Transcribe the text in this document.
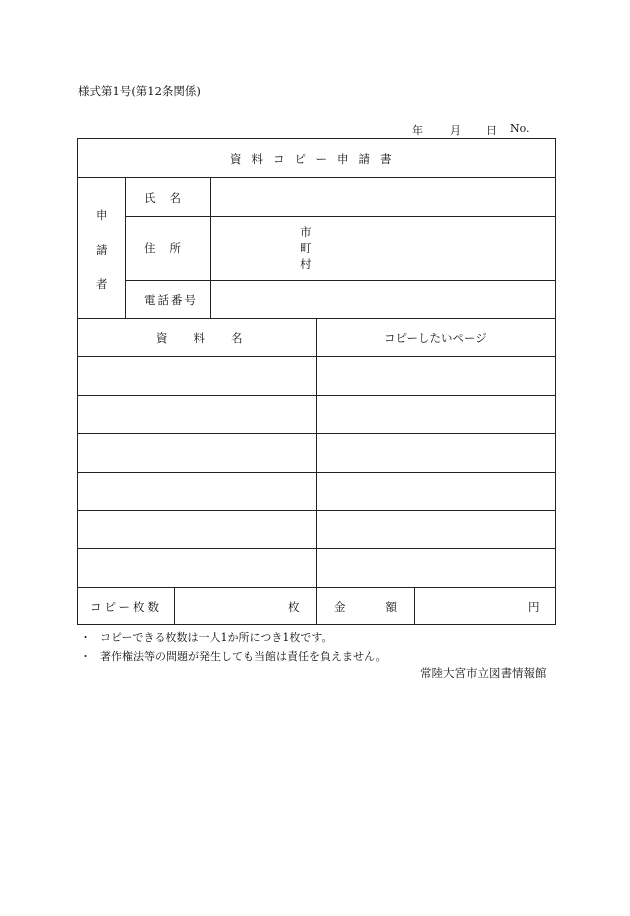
様式第1号(第12条関係)
年 月 日 No.
資料コピー申請書
申
請
者
氏名
住所
市
町
村
電話番号
資料名	コピーしたいページ
コピー枚数	枚	金額	円
・ コピーできる枚数は一人1か所につき1枚です。
・ 著作権法等の問題が発生しても当館は責任を負えません。
常陸大宮市立図書情報館
